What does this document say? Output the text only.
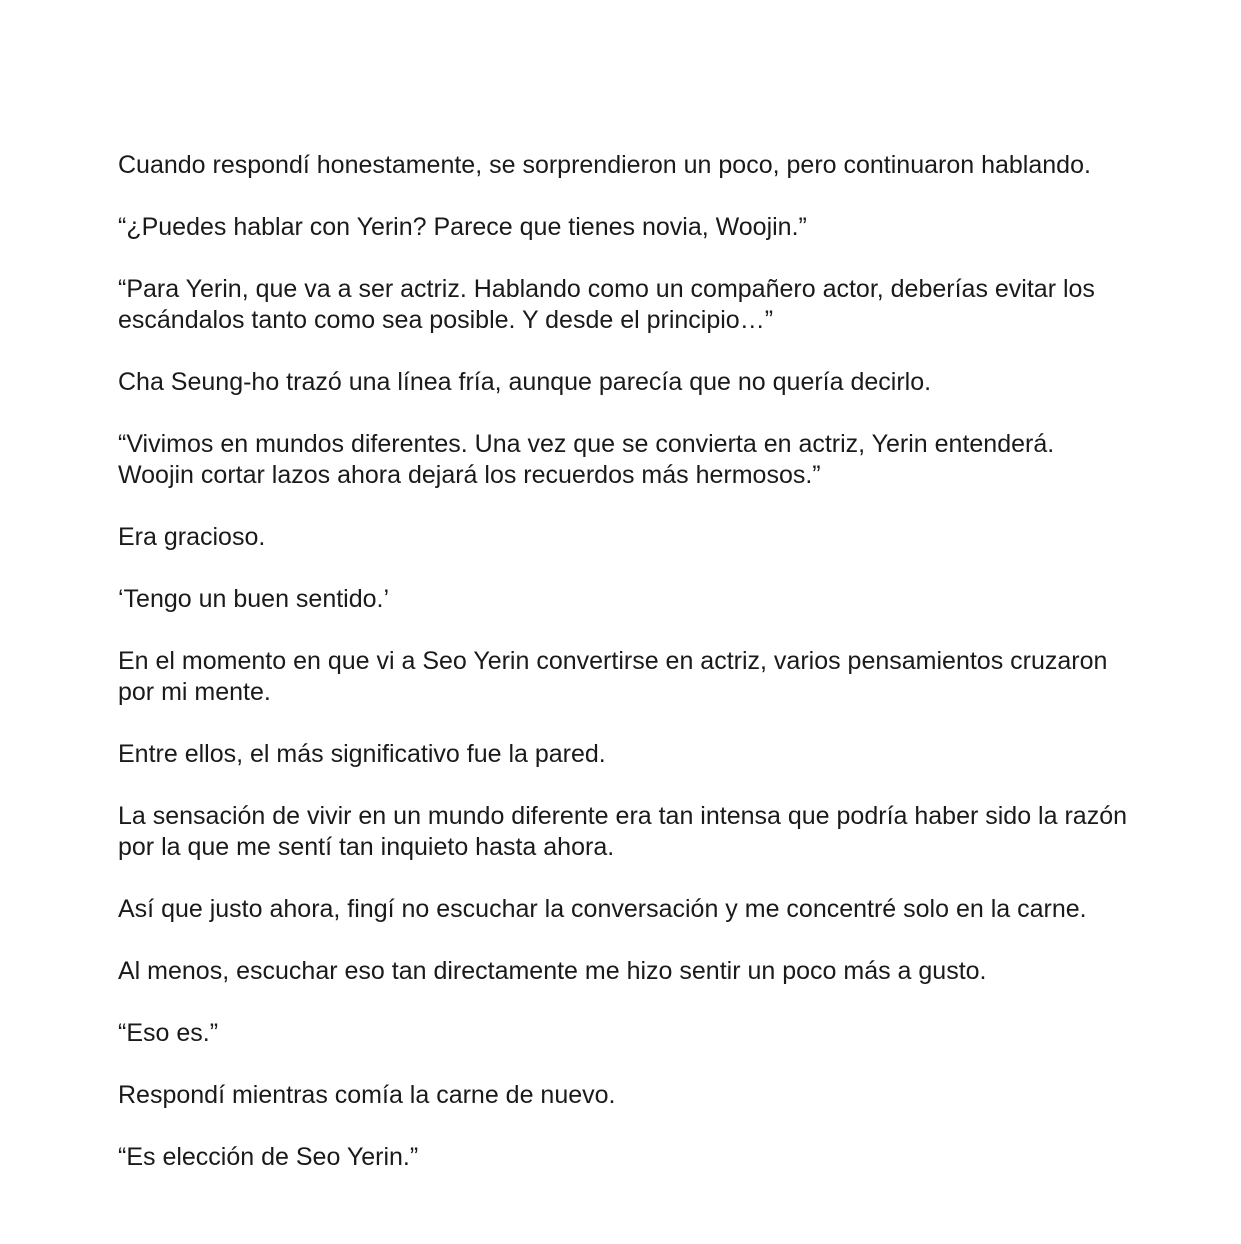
Cuando respondí honestamente, se sorprendieron un poco, pero continuaron hablando.

“¿Puedes hablar con Yerin? Parece que tienes novia, Woojin.”

“Para Yerin, que va a ser actriz. Hablando como un compañero actor, deberías evitar los escándalos tanto como sea posible. Y desde el principio…”

Cha Seung-ho trazó una línea fría, aunque parecía que no quería decirlo.

“Vivimos en mundos diferentes. Una vez que se convierta en actriz, Yerin entenderá. Woojin cortar lazos ahora dejará los recuerdos más hermosos.”

Era gracioso.

‘Tengo un buen sentido.’

En el momento en que vi a Seo Yerin convertirse en actriz, varios pensamientos cruzaron por mi mente.

Entre ellos, el más significativo fue la pared.

La sensación de vivir en un mundo diferente era tan intensa que podría haber sido la razón por la que me sentí tan inquieto hasta ahora.

Así que justo ahora, fingí no escuchar la conversación y me concentré solo en la carne.

Al menos, escuchar eso tan directamente me hizo sentir un poco más a gusto.

“Eso es.”

Respondí mientras comía la carne de nuevo.

“Es elección de Seo Yerin.”
